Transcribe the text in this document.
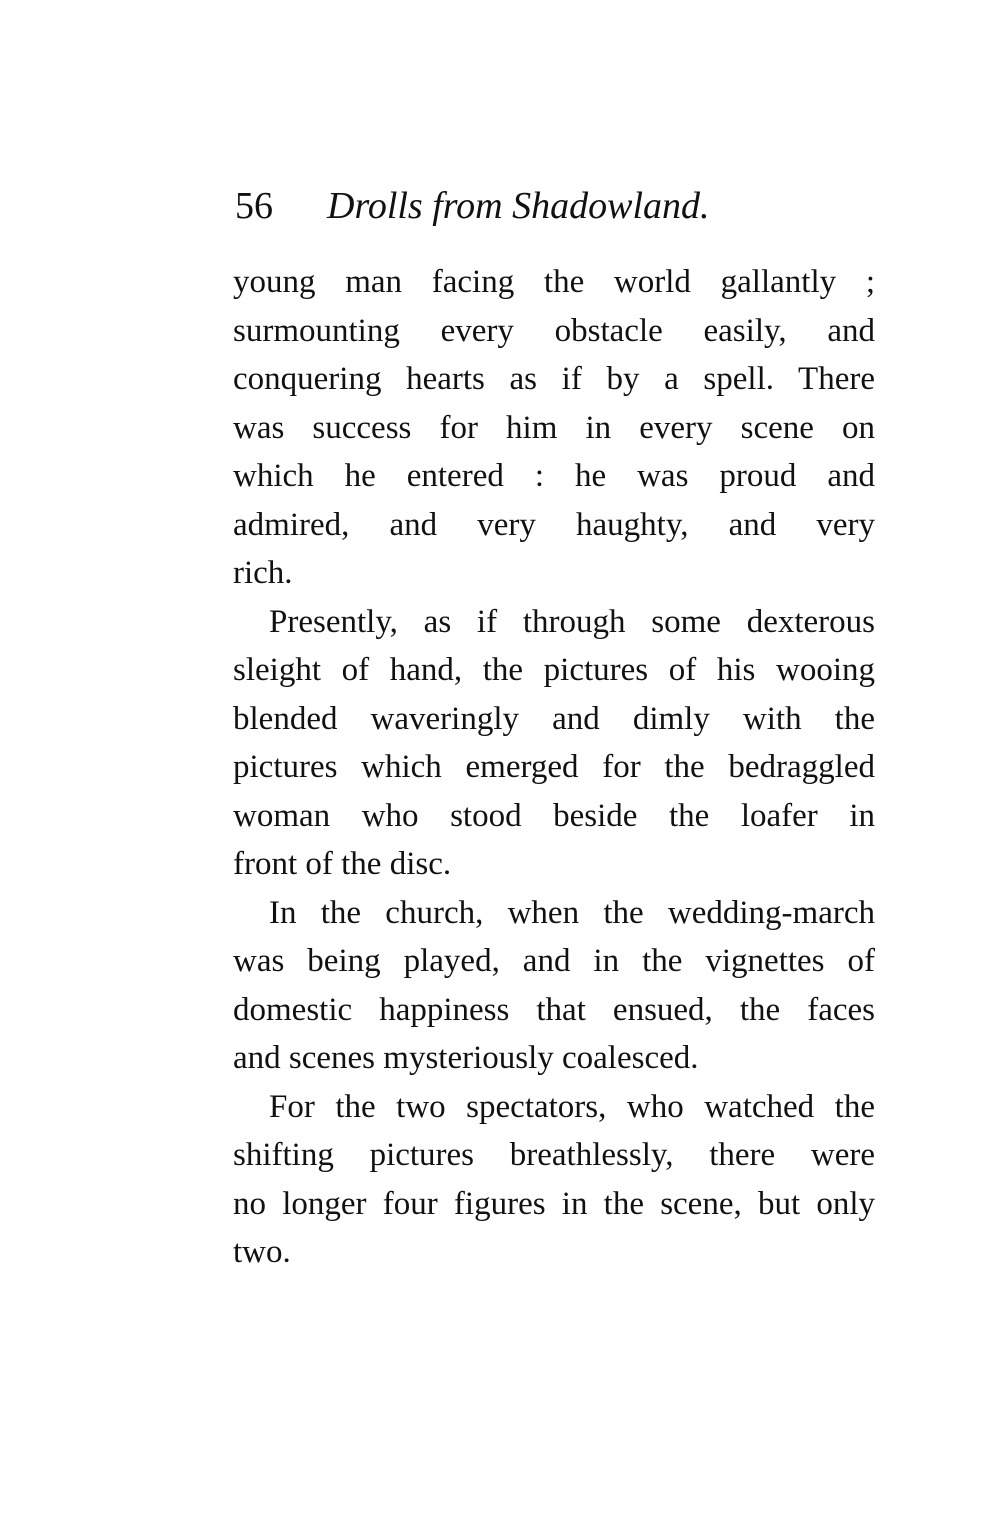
56 Drolls from Shadowland.
young man facing the world gallantly ;
surmounting every obstacle easily, and
conquering hearts as if by a spell. There
was success for him in every scene on
which he entered : he was proud and
admired, and very haughty, and very
rich.
Presently, as if through some dexterous
sleight of hand, the pictures of his wooing
blended waveringly and dimly with the
pictures which emerged for the bedraggled
woman who stood beside the loafer in
front of the disc.
In the church, when the wedding-march
was being played, and in the vignettes of
domestic happiness that ensued, the faces
and scenes mysteriously coalesced.
For the two spectators, who watched the
shifting pictures breathlessly, there were
no longer four figures in the scene, but only
two.
